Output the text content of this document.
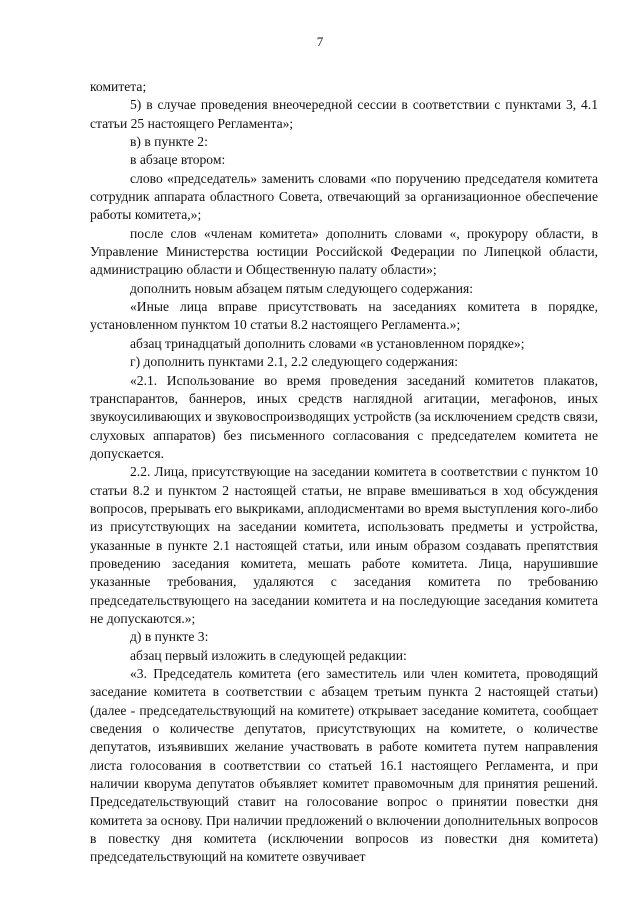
7

комитета;

5) в случае проведения внеочередной сессии в соответствии с пунктами 3, 4.1 статьи 25 настоящего Регламента»;

в) в пункте 2:

в абзаце втором:

слово «председатель» заменить словами «по поручению председателя комитета сотрудник аппарата областного Совета, отвечающий за организационное обеспечение работы комитета,»;

после слов «членам комитета» дополнить словами «, прокурору области, в Управление Министерства юстиции Российской Федерации по Липецкой области, администрацию области и Общественную палату области»;

дополнить новым абзацем пятым следующего содержания:

«Иные лица вправе присутствовать на заседаниях комитета в порядке, установленном пунктом 10 статьи 8.2 настоящего Регламента.»;

абзац тринадцатый дополнить словами «в установленном порядке»;

г) дополнить пунктами 2.1, 2.2 следующего содержания:

«2.1. Использование во время проведения заседаний комитетов плакатов, транспарантов, баннеров, иных средств наглядной агитации, мегафонов, иных звукоусиливающих и звуковоспроизводящих устройств (за исключением средств связи, слуховых аппаратов) без письменного согласования с председателем комитета не допускается.

2.2. Лица, присутствующие на заседании комитета в соответствии с пунктом 10 статьи 8.2 и пунктом 2 настоящей статьи, не вправе вмешиваться в ход обсуждения вопросов, прерывать его выкриками, аплодисментами во время выступления кого-либо из присутствующих на заседании комитета, использовать предметы и устройства, указанные в пункте 2.1 настоящей статьи, или иным образом создавать препятствия проведению заседания комитета, мешать работе комитета. Лица, нарушившие указанные требования, удаляются с заседания комитета по требованию председательствующего на заседании комитета и на последующие заседания комитета не допускаются.»;

д) в пункте 3:

абзац первый изложить в следующей редакции:

«3. Председатель комитета (его заместитель или член комитета, проводящий заседание комитета в соответствии с абзацем третьим пункта 2 настоящей статьи) (далее - председательствующий на комитете) открывает заседание комитета, сообщает сведения о количестве депутатов, присутствующих на комитете, о количестве депутатов, изъявивших желание участвовать в работе комитета путем направления листа голосования в соответствии со статьей 16.1 настоящего Регламента, и при наличии кворума депутатов объявляет комитет правомочным для принятия решений. Председательствующий ставит на голосование вопрос о принятии повестки дня комитета за основу. При наличии предложений о включении дополнительных вопросов в повестку дня комитета (исключении вопросов из повестки дня комитета) председательствующий на комитете озвучивает
